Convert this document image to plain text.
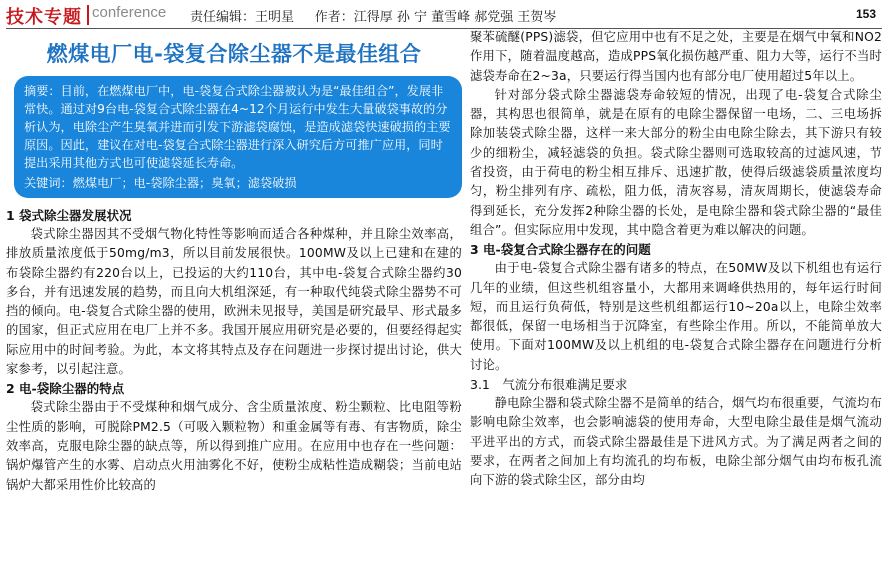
技术专题 conference 责任编辑：王明星 作者：江得厚 孙 宁 董雪峰 郝党强 王贺岑	153
燃煤电厂电-袋复合除尘器不是最佳组合

摘要：目前，在燃煤电厂中，电-袋复合式除尘器被认为是“最佳组合”，发展非常快。通过对9台电-袋复合式除尘器在4~12个月运行中发生大量破袋事故的分析认为，电除尘产生臭氧并进而引发下游滤袋腐蚀，是造成滤袋快速破损的主要原因。因此，建议在对电-袋复合式除尘器进行深入研究后方可推广应用，同时提出采用其他方式也可使滤袋延长寿命。

关键词：燃煤电厂；电-袋除尘器；臭氧；滤袋破损

1 袋式除尘器发展状况

袋式除尘器因其不受烟气物化特性等影响而适合各种煤种，并且除尘效率高，排放质量浓度低于50mg/m3，所以目前发展很快。100MW及以上已建和在建的布袋除尘器约有220台以上，已投运的大约110台，其中电-袋复合式除尘器约30多台，并有迅速发展的趋势，而且向大机组深延，有一种取代纯袋式除尘器势不可挡的倾向。电-袋复合式除尘器的使用，欧洲未见报导，美国是研究最早、形式最多的国家，但正式应用在电厂上并不多。我国开展应用研究是必要的，但要经得起实际应用中的时间考验。为此，本文将其特点及存在问题进一步探讨提出讨论，供大家参考，以引起注意。

2 电-袋除尘器的特点

袋式除尘器由于不受煤种和烟气成分、含尘质量浓度、粉尘颗粒、比电阻等粉尘性质的影响，可脱除PM2.5（可吸入颗粒物）和重金属等有毒、有害物质，除尘效率高，克服电除尘器的缺点等，所以得到推广应用。在应用中也存在一些问题：锅炉爆管产生的水雾、启动点火用油雾化不好，使粉尘成粘性造成糊袋；当前电站锅炉大都采用性价比较高的

聚苯硫醚(PPS)滤袋，但它应用中也有不足之处，主要是在烟气中氧和NO2作用下，随着温度越高，造成PPS氧化损伤越严重、阻力大等，运行不当时滤袋寿命在2~3a，只要运行得当国内也有部分电厂使用超过5年以上。

针对部分袋式除尘器滤袋寿命较短的情况，出现了电-袋复合式除尘器，其构思也很简单，就是在原有的电除尘器保留一电场，二、三电场拆除加装袋式除尘器，这样一来大部分的粉尘由电除尘除去，其下游只有较少的细粉尘，减轻滤袋的负担。袋式除尘器则可选取较高的过滤风速，节省投资，由于荷电的粉尘相互排斥、迅速扩散，使得后级滤袋质量浓度均匀，粉尘排列有序、疏松，阻力低，清灰容易，清灰周期长，使滤袋寿命得到延长，充分发挥2种除尘器的长处，是电除尘器和袋式除尘器的“最佳组合”。但实际应用中发现，其中隐含着更为难以解决的问题。

3 电-袋复合式除尘器存在的问题

由于电-袋复合式除尘器有诸多的特点，在50MW及以下机组也有运行几年的业绩，但这些机组容量小，大都用来调峰供热用的，每年运行时间短，而且运行负荷低，特别是这些机组都运行10~20a以上，电除尘效率都很低，保留一电场相当于沉降室，有些除尘作用。所以，不能简单放大使用。下面对100MW及以上机组的电-袋复合式除尘器存在问题进行分析讨论。

3.1　气流分布很难满足要求

静电除尘器和袋式除尘器不是简单的结合，烟气均布很重要，气流均布影响电除尘效率，也会影响滤袋的使用寿命，大型电除尘最佳是烟气流动平进平出的方式，而袋式除尘器最佳是下进风方式。为了满足两者之间的要求，在两者之间加上有均流孔的均布板，电除尘部分烟气由均布板孔流向下游的袋式除尘区，部分由均
